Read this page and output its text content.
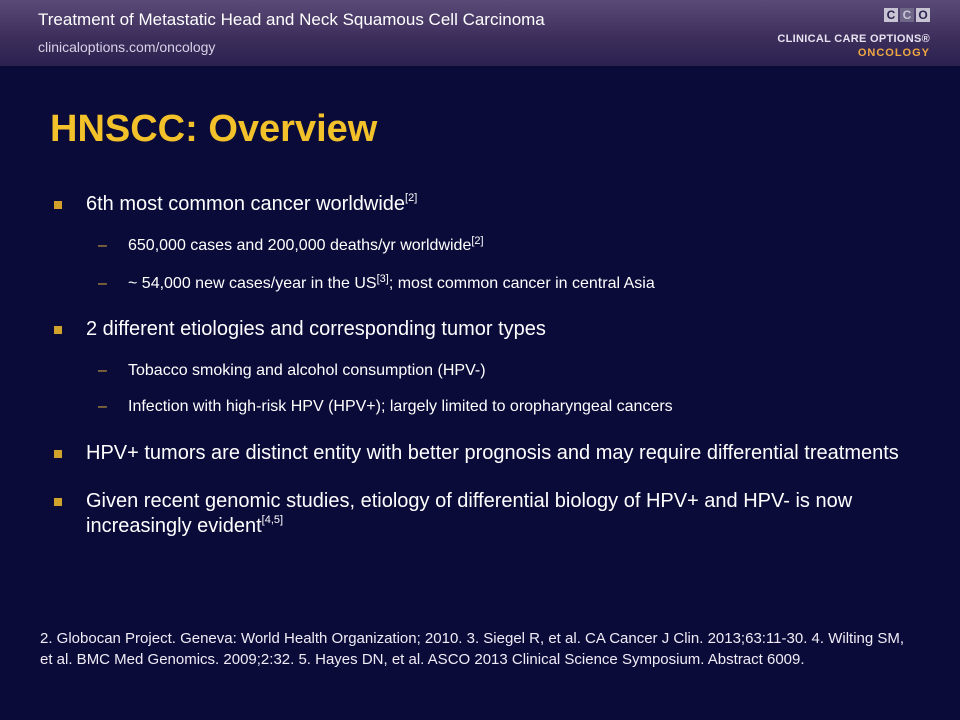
Treatment of Metastatic Head and Neck Squamous Cell Carcinoma
clinicaloptions.com/oncology
C C O
CLINICAL CARE OPTIONS®
ONCOLOGY
HNSCC: Overview
6th most common cancer worldwide[2]
– 650,000 cases and 200,000 deaths/yr worldwide[2]
– ~ 54,000 new cases/year in the US[3]; most common cancer in central Asia
2 different etiologies and corresponding tumor types
– Tobacco smoking and alcohol consumption (HPV-)
– Infection with high-risk HPV (HPV+); largely limited to oropharyngeal cancers
HPV+ tumors are distinct entity with better prognosis and may require differential treatments
Given recent genomic studies, etiology of differential biology of HPV+ and HPV- is now increasingly evident[4,5]
2. Globocan Project. Geneva: World Health Organization; 2010. 3. Siegel R, et al. CA Cancer J Clin. 2013;63:11-30. 4. Wilting SM, et al. BMC Med Genomics. 2009;2:32. 5. Hayes DN, et al. ASCO 2013 Clinical Science Symposium. Abstract 6009.
